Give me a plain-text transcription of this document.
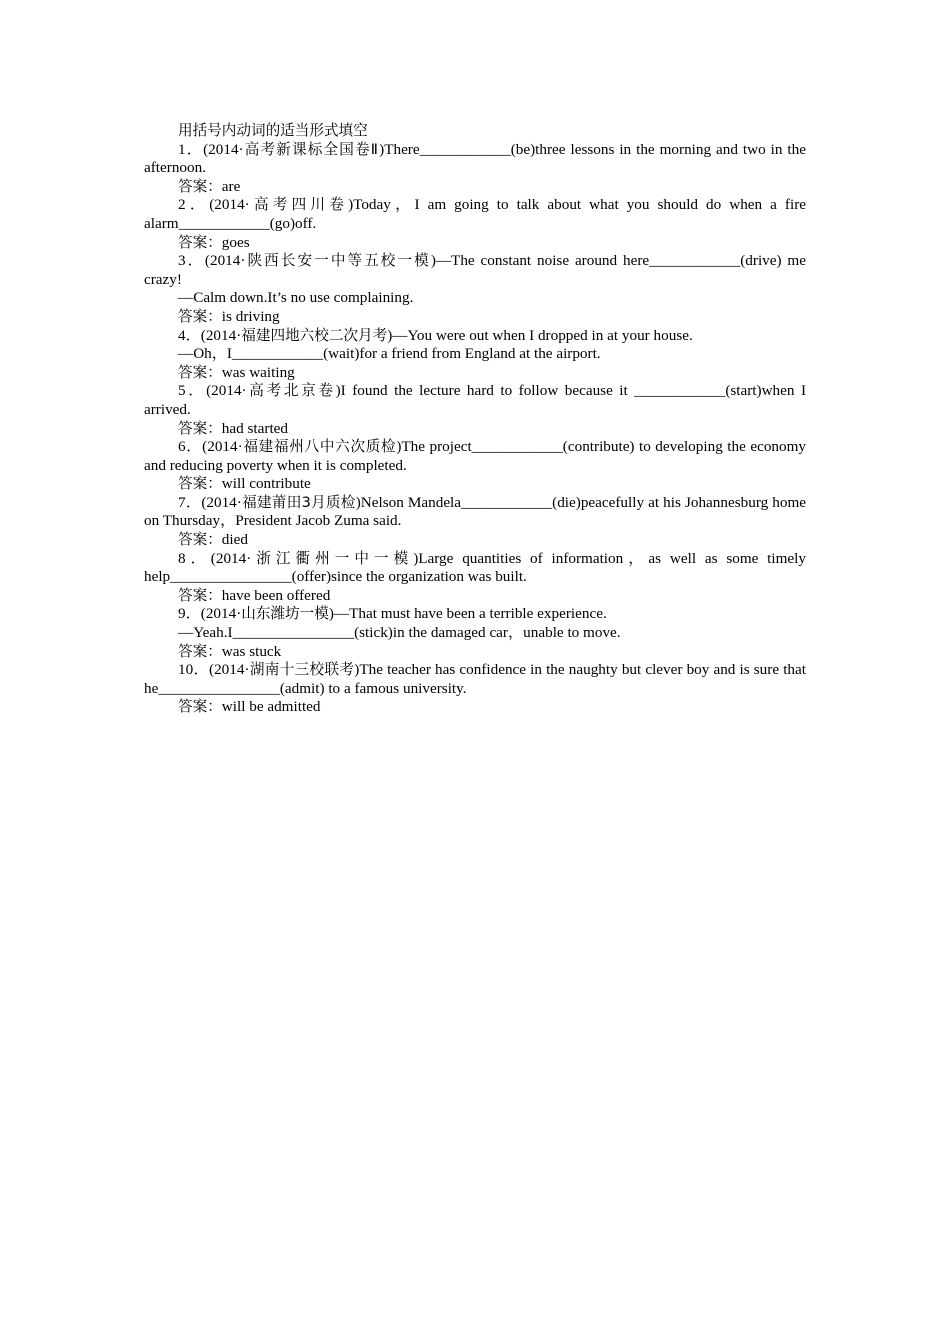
用括号内动词的适当形式填空

1．(2014·高考新课标全国卷Ⅱ)There____________(be)three lessons in the morning and two in the afternoon.

答案：are

2．(2014·高考四川卷)Today，I am going to talk about what you should do when a fire alarm____________(go)off.

答案：goes

3．(2014·陕西长安一中等五校一模)—The constant noise around here____________(drive) me crazy!

—Calm down.It’s no use complaining.

答案：is driving

4．(2014·福建四地六校二次月考)—You were out when I dropped in at your house.

—Oh，I____________(wait)for a friend from England at the airport.

答案：was waiting

5．(2014·高考北京卷)I found the lecture hard to follow because it ____________(start)when I arrived.

答案：had started

6．(2014·福建福州八中六次质检)The project____________(contribute) to developing the economy and reducing poverty when it is completed.

答案：will contribute

7．(2014·福建莆田3月质检)Nelson Mandela____________(die)peacefully at his Johannesburg home on Thursday，President Jacob Zuma said.

答案：died

8．(2014·浙江衢州一中一模)Large quantities of information，as well as some timely help________________(offer)since the organization was built.

答案：have been offered

9．(2014·山东潍坊一模)—That must have been a terrible experience.

—Yeah.I________________(stick)in the damaged car，unable to move.

答案：was stuck

10．(2014·湖南十三校联考)The teacher has confidence in the naughty but clever boy and is sure that he________________(admit) to a famous university.

答案：will be admitted
